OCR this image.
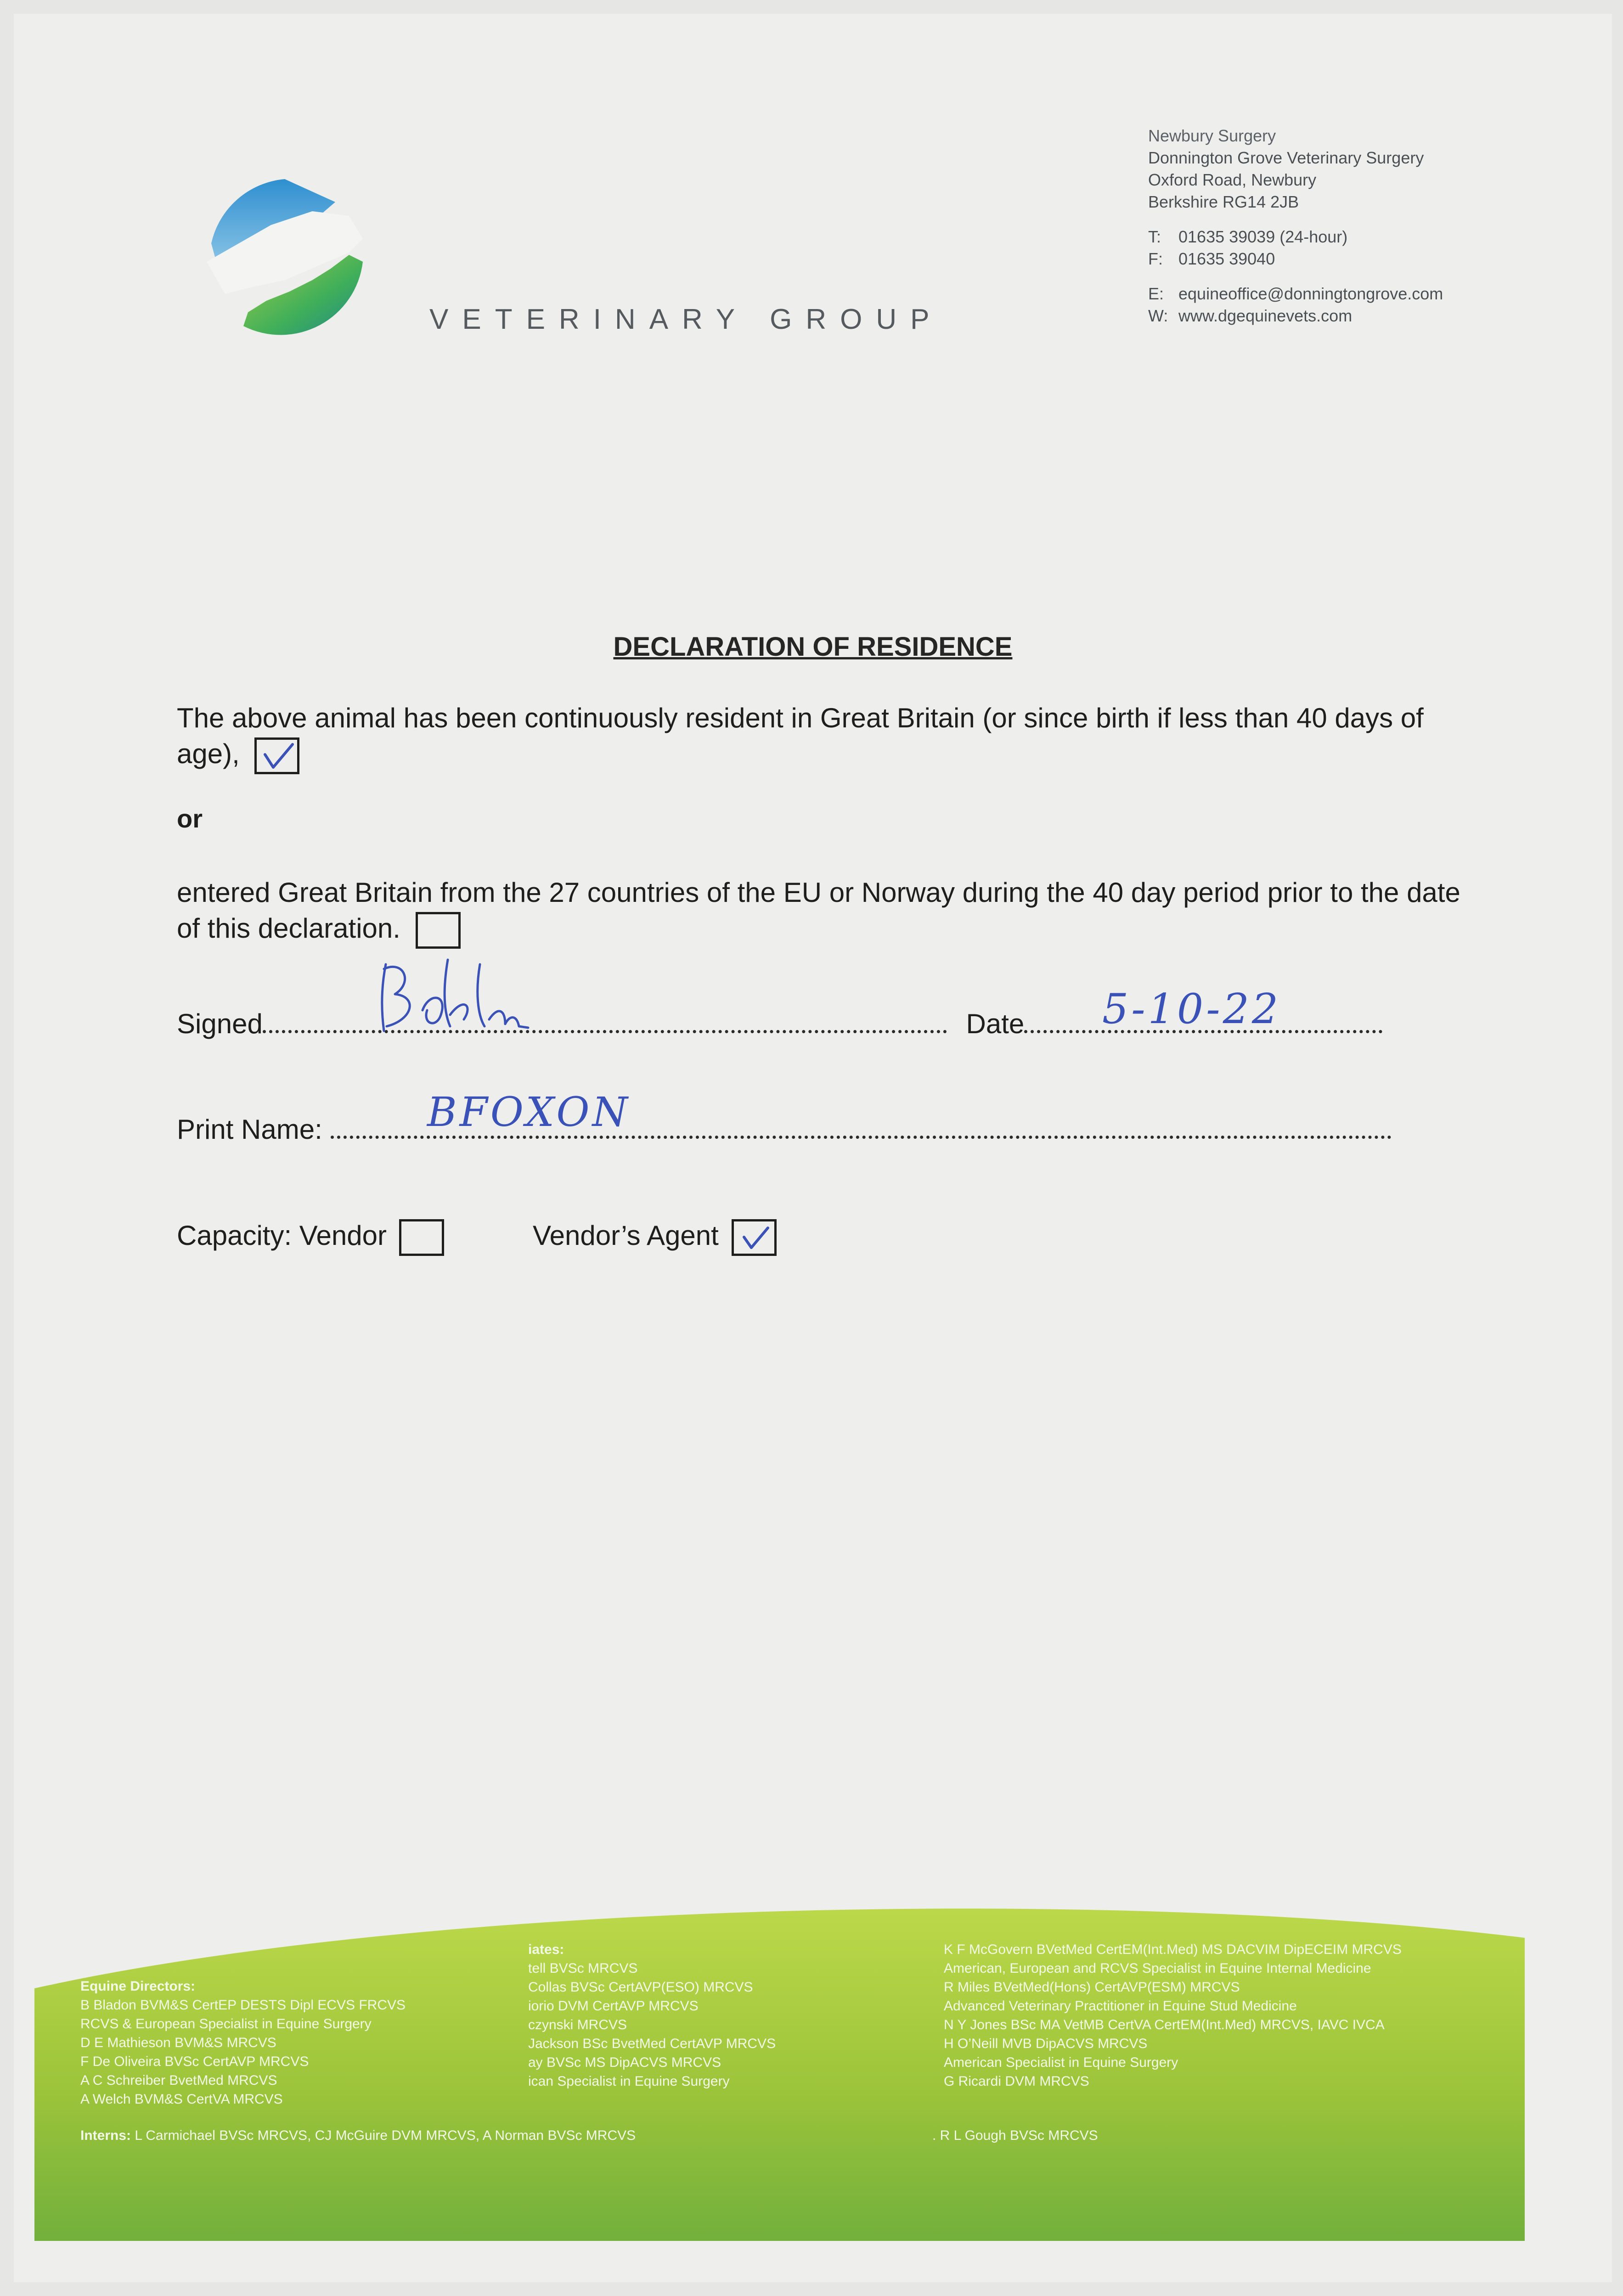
VETERINARY GROUP
Newbury Surgery
Donnington Grove Veterinary Surgery
Oxford Road, Newbury
Berkshire RG14 2JB
T: 01635 39039 (24-hour)
F: 01635 39040
E: equineoffice@donningtongrove.com
W: www.dgequinevets.com
DECLARATION OF RESIDENCE
The above animal has been continuously resident in Great Britain (or since birth if less than 40 days of age),
or
entered Great Britain from the 27 countries of the EU or Norway during the 40 day period prior to the date of this declaration.
Signed	Date	5-10-22
Print Name:	BFOXON
Capacity: Vendor	Vendor’s Agent
Equine Directors:
B Bladon BVM&S CertEP DESTS Dipl ECVS FRCVS
RCVS & European Specialist in Equine Surgery
D E Mathieson BVM&S MRCVS
F De Oliveira BVSc CertAVP MRCVS
A C Schreiber BvetMed MRCVS
A Welch BVM&S CertVA MRCVS
iates:
tell BVSc MRCVS
Collas BVSc CertAVP(ESO) MRCVS
iorio DVM CertAVP MRCVS
czynski MRCVS
Jackson BSc BvetMed CertAVP MRCVS
ay BVSc MS DipACVS MRCVS
ican Specialist in Equine Surgery
K F McGovern BVetMed CertEM(Int.Med) MS DACVIM DipECEIM MRCVS
American, European and RCVS Specialist in Equine Internal Medicine
R Miles BVetMed(Hons) CertAVP(ESM) MRCVS
Advanced Veterinary Practitioner in Equine Stud Medicine
N Y Jones BSc MA VetMB CertVA CertEM(Int.Med) MRCVS, IAVC IVCA
H O’Neill MVB DipACVS MRCVS
American Specialist in Equine Surgery
G Ricardi DVM MRCVS
Interns: L Carmichael BVSc MRCVS, CJ McGuire DVM MRCVS, A Norman BVSc MRCVS	. R L Gough BVSc MRCVS
